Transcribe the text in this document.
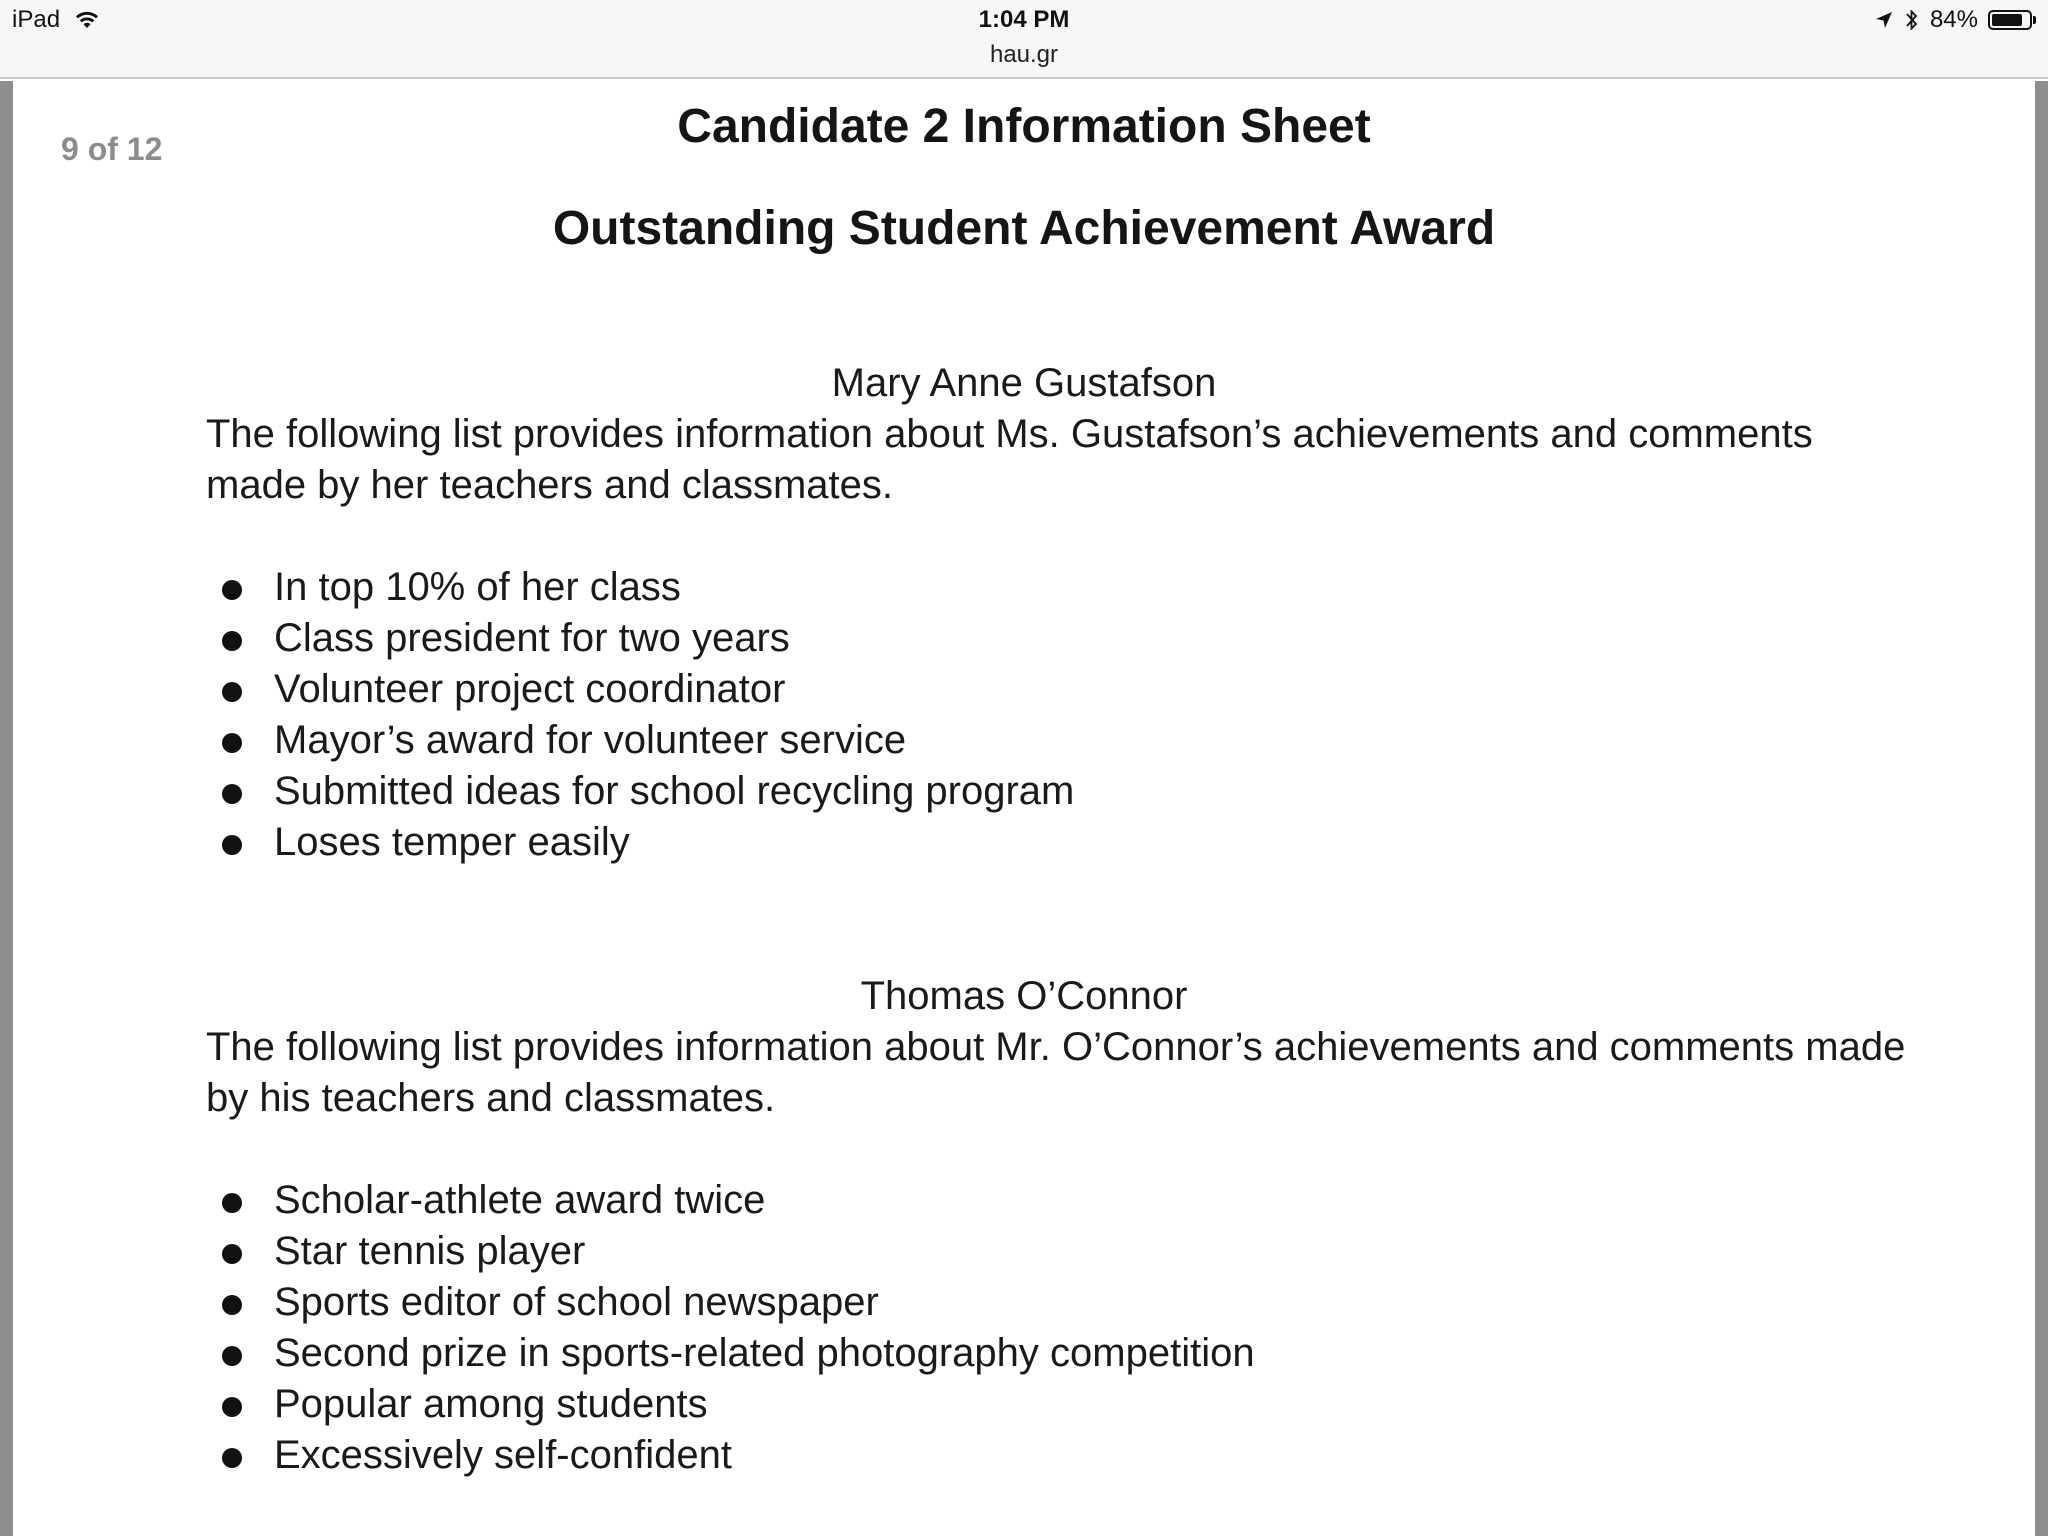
iPad	1:04 PM
hau.gr
84%
9 of 12	Candidate 2 Information Sheet
Outstanding Student Achievement Award
Mary Anne Gustafson
The following list provides information about Ms. Gustafson’s achievements and comments made by her teachers and classmates.
In top 10% of her class
Class president for two years
Volunteer project coordinator
Mayor’s award for volunteer service
Submitted ideas for school recycling program
Loses temper easily
Thomas O’Connor
The following list provides information about Mr. O’Connor’s achievements and comments made by his teachers and classmates.
Scholar-athlete award twice
Star tennis player
Sports editor of school newspaper
Second prize in sports-related photography competition
Popular among students
Excessively self-confident
